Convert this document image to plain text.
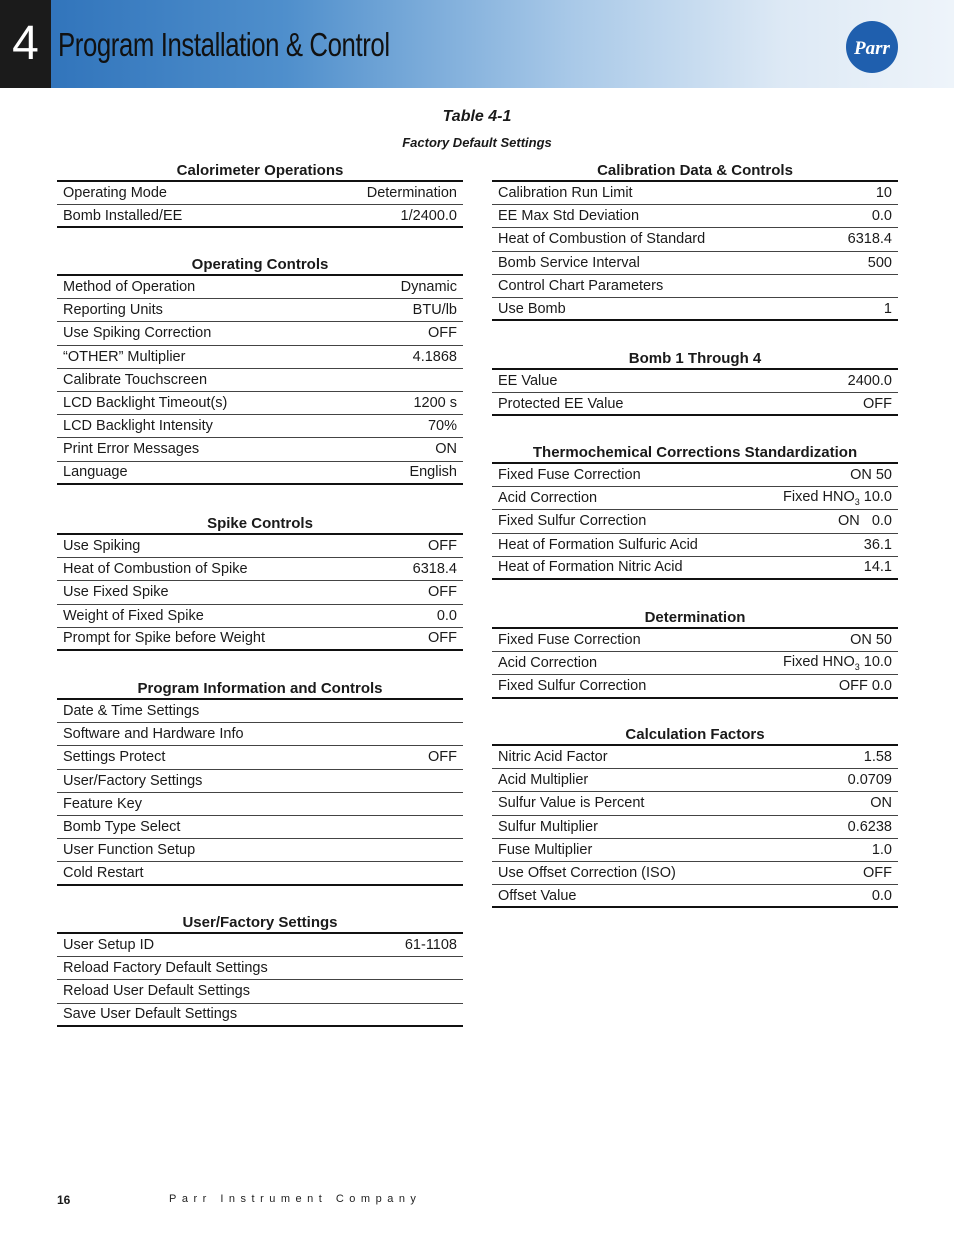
4 Program Installation & Control	Parr
Table 4-1
Factory Default Settings
Calorimeter Operations
Operating Mode	Determination
Bomb Installed/EE	1/2400.0
Operating Controls
Method of Operation	Dynamic
Reporting Units	BTU/lb
Use Spiking Correction	OFF
“OTHER” Multiplier	4.1868
Calibrate Touchscreen
LCD Backlight Timeout(s)	1200 s
LCD Backlight Intensity	70%
Print Error Messages	ON
Language	English
Spike Controls
Use Spiking	OFF
Heat of Combustion of Spike	6318.4
Use Fixed Spike	OFF
Weight of Fixed Spike	0.0
Prompt for Spike before Weight	OFF
Program Information and Controls
Date & Time Settings
Software and Hardware Info
Settings Protect	OFF
User/Factory Settings
Feature Key
Bomb Type Select
User Function Setup
Cold Restart
User/Factory Settings
User Setup ID	61-1108
Reload Factory Default Settings
Reload User Default Settings
Save User Default Settings
Calibration Data & Controls
Calibration Run Limit	10
EE Max Std Deviation	0.0
Heat of Combustion of Standard	6318.4
Bomb Service Interval	500
Control Chart Parameters
Use Bomb	1
Bomb 1 Through 4
EE Value	2400.0
Protected EE Value	OFF
Thermochemical Corrections Standardization
Fixed Fuse Correction	ON 50
Acid Correction	Fixed $HNO_3$ 10.0
Fixed Sulfur Correction	ON   0.0
Heat of Formation Sulfuric Acid	36.1
Heat of Formation Nitric Acid	14.1
Determination
Fixed Fuse Correction	ON 50
Acid Correction	Fixed $HNO_3$ 10.0
Fixed Sulfur Correction	OFF 0.0
Calculation Factors
Nitric Acid Factor	1.58
Acid Multiplier	0.0709
Sulfur Value is Percent	ON
Sulfur Multiplier	0.6238
Fuse Multiplier	1.0
Use Offset Correction (ISO)	OFF
Offset Value	0.0
16	Parr Instrument Company
